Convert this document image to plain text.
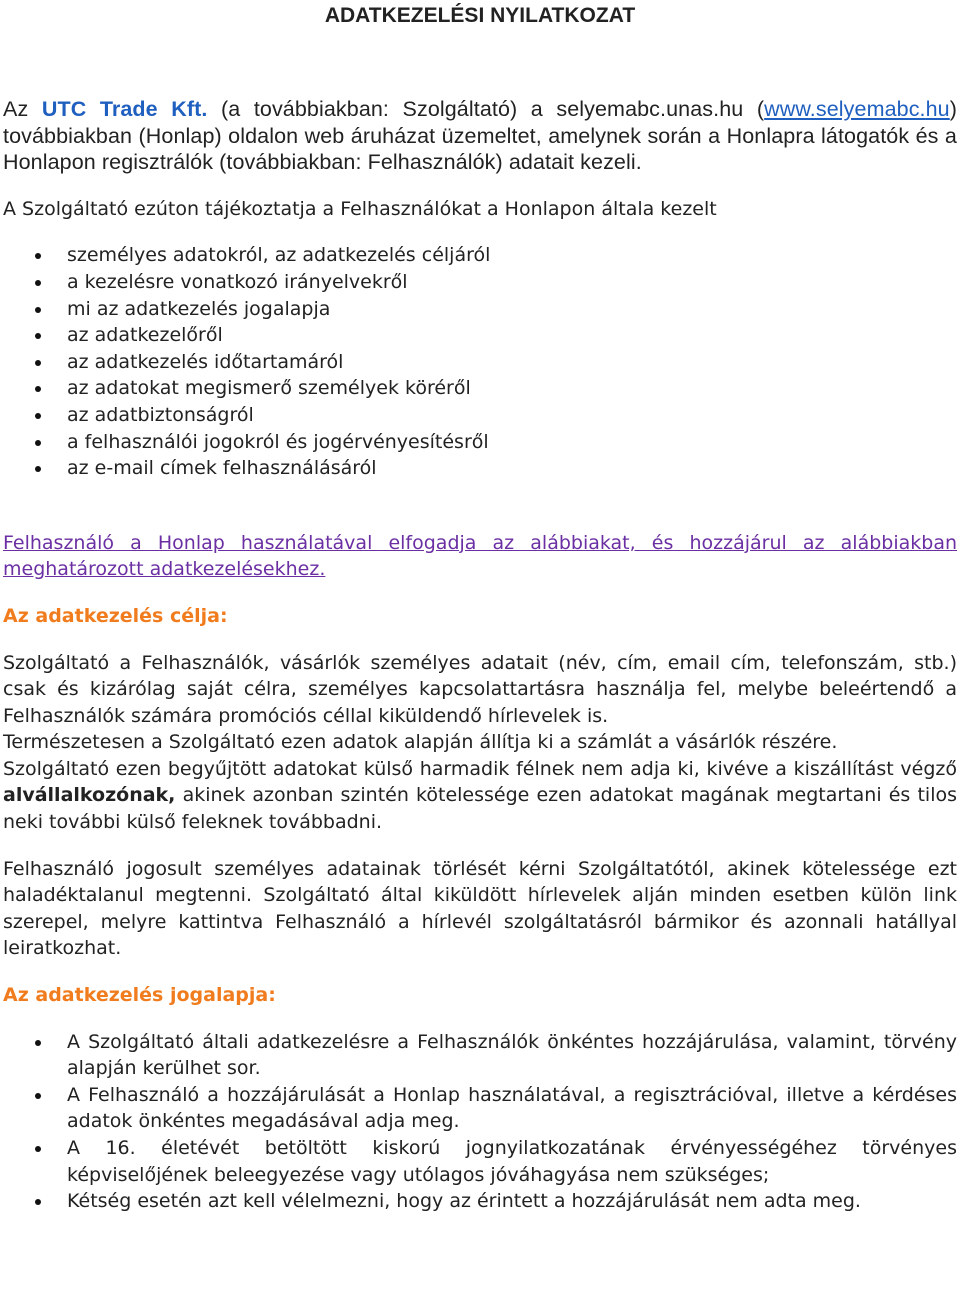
ADATKEZELÉSI NYILATKOZAT

Az UTC Trade Kft. (a továbbiakban: Szolgáltató) a selyemabc.unas.hu (www.selyemabc.hu) továbbiakban (Honlap) oldalon web áruházat üzemeltet, amelynek során a Honlapra látogatók és a Honlapon regisztrálók (továbbiakban: Felhasználók) adatait kezeli.

A Szolgáltató ezúton tájékoztatja a Felhasználókat a Honlapon általa kezelt

személyes adatokról, az adatkezelés céljáról
a kezelésre vonatkozó irányelvekről
mi az adatkezelés jogalapja
az adatkezelőről
az adatkezelés időtartamáról
az adatokat megismerő személyek köréről
az adatbiztonságról
a felhasználói jogokról és jogérvényesítésről
az e-mail címek felhasználásáról

Felhasználó a Honlap használatával elfogadja az alábbiakat, és hozzájárul az alábbiakban meghatározott adatkezelésekhez.

Az adatkezelés célja:

Szolgáltató a Felhasználók, vásárlók személyes adatait (név, cím, email cím, telefonszám, stb.) csak és kizárólag saját célra, személyes kapcsolattartásra használja fel, melybe beleértendő a Felhasználók számára promóciós céllal kiküldendő hírlevelek is.

Természetesen a Szolgáltató ezen adatok alapján állítja ki a számlát a vásárlók részére.

Szolgáltató ezen begyűjtött adatokat külső harmadik félnek nem adja ki, kivéve a kiszállítást végző alvállalkozónak, akinek azonban szintén kötelessége ezen adatokat magának megtartani és tilos neki további külső feleknek továbbadni.

Felhasználó jogosult személyes adatainak törlését kérni Szolgáltatótól, akinek kötelessége ezt haladéktalanul megtenni. Szolgáltató által kiküldött hírlevelek alján minden esetben külön link szerepel, melyre kattintva Felhasználó a hírlevél szolgáltatásról bármikor és azonnali hatállyal leiratkozhat.

Az adatkezelés jogalapja:

A Szolgáltató általi adatkezelésre a Felhasználók önkéntes hozzájárulása, valamint, törvény alapján kerülhet sor.
A Felhasználó a hozzájárulását a Honlap használatával, a regisztrációval, illetve a kérdéses adatok önkéntes megadásával adja meg.
A 16. életévét betöltött kiskorú jognyilatkozatának érvényességéhez törvényes képviselőjének beleegyezése vagy utólagos jóváhagyása nem szükséges;
Kétség esetén azt kell vélelmezni, hogy az érintett a hozzájárulását nem adta meg.
